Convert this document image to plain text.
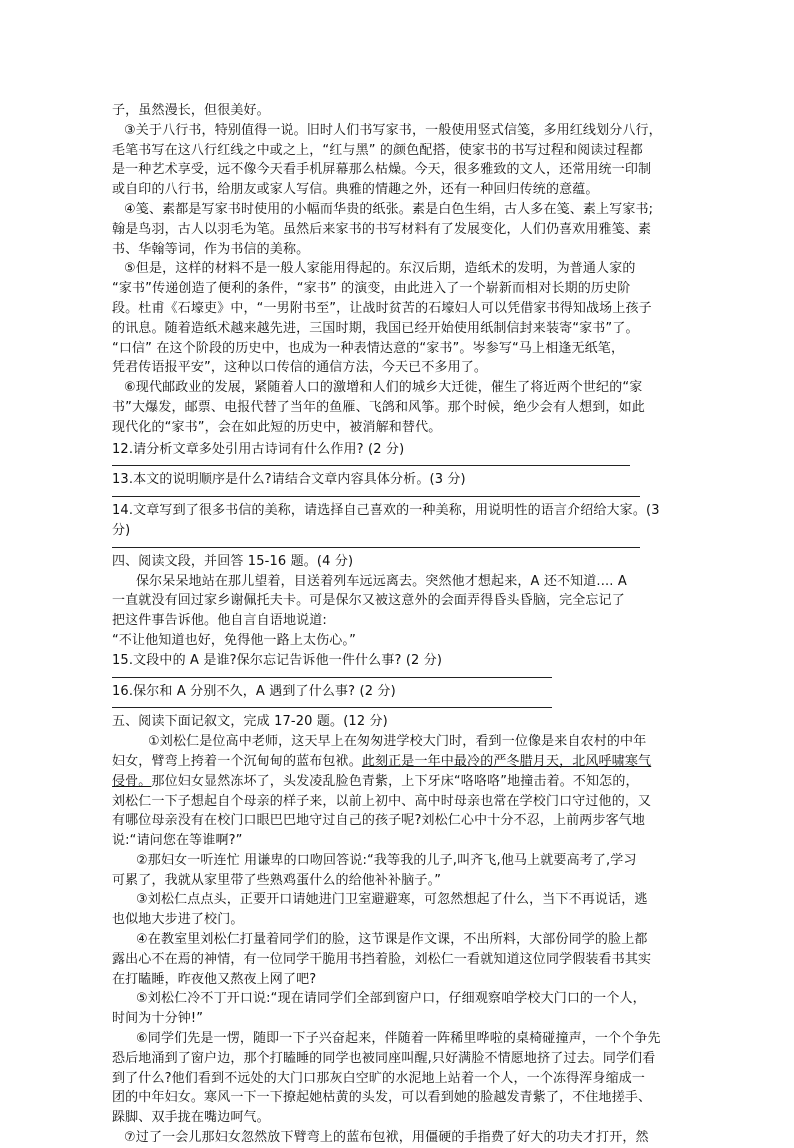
子，虽然漫长，但很美好。
③关于八行书，特别值得一说。旧时人们书写家书，一般使用竖式信笺，多用红线划分八行，
毛笔书写在这八行红线之中或之上，“红与黑” 的颜色配搭，使家书的书写过程和阅读过程都
是一种艺术享受，远不像今天看手机屏幕那么枯燥。今天，很多雅致的文人，还常用统一印制
或自印的八行书，给朋友或家人写信。典雅的情趣之外，还有一种回归传统的意蕴。
④笺、素都是写家书时使用的小幅而华贵的纸张。素是白色生绢，古人多在笺、素上写家书;
翰是鸟羽，古人以羽毛为笔。虽然后来家书的书写材料有了发展变化，人们仍喜欢用雅笺、素
书、华翰等词，作为书信的美称。
⑤但是，这样的材料不是一般人家能用得起的。东汉后期，造纸术的发明，为普通人家的
“家书”传递创造了便利的条件，“家书” 的演变，由此进入了一个崭新而相对长期的历史阶
段。杜甫《石壕吏》中，“一男附书至”，让战时贫苦的石壕妇人可以凭借家书得知战场上孩子
的讯息。随着造纸术越来越先进，三国时期，我国已经开始使用纸制信封来装寄“家书”了。
“口信” 在这个阶段的历史中，也成为一种表情达意的“家书”。岑参写“马上相逢无纸笔，
凭君传语报平安”，这种以口传信的通信方法，今天已不多用了。
⑥现代邮政业的发展，紧随着人口的激增和人们的城乡大迁徙，催生了将近两个世纪的“家
书”大爆发，邮票、电报代替了当年的鱼雁、飞鸽和风筝。那个时候，绝少会有人想到，如此
现代化的“家书”，会在如此短的历史中，被消解和替代。
12.请分析文章多处引用古诗词有什么作用? (2 分)
13.本文的说明顺序是什么?请结合文章内容具体分析。(3 分)
14.文章写到了很多书信的美称，请选择自己喜欢的一种美称，用说明性的语言介绍给大家。(3
分)
四、阅读文段，并回答 15-16 题。(4 分)
保尔呆呆地站在那儿望着，目送着列车远远离去。突然他才想起来，A 还不知道.... A
一直就没有回过家乡谢佩托夫卡。可是保尔又被这意外的会面弄得昏头昏脑，完全忘记了
把这件事告诉他。他自言自语地说道:
“不让他知道也好，免得他一路上太伤心。”
15.文段中的 A 是谁?保尔忘记告诉他一件什么事? (2 分)
16.保尔和 A 分别不久，A 遇到了什么事? (2 分)
五、阅读下面记叙文，完成 17-20 题。(12 分)
①刘松仁是位高中老师，这天早上在匆匆进学校大门时，看到一位像是来自农村的中年
妇女，臂弯上挎着一个沉甸甸的蓝布包袱。此刻正是一年中最冷的严冬腊月天，北风呼啸寒气
侵骨。那位妇女显然冻坏了，头发凌乱脸色青紫，上下牙床“咯咯咯”地撞击着。不知怎的，
刘松仁一下子想起自个母亲的样子来，以前上初中、高中时母亲也常在学校门口守过他的，又
有哪位母亲没有在校门口眼巴巴地守过自己的孩子呢?刘松仁心中十分不忍，上前两步客气地
说:“请问您在等谁啊?”
②那妇女一听连忙 用谦卑的口吻回答说:“我等我的儿子,叫齐飞,他马上就要高考了,学习
可累了，我就从家里带了些熟鸡蛋什么的给他补补脑子。”
③刘松仁点点头，正要开口请她进门卫室避避寒，可忽然想起了什么，当下不再说话，逃
也似地大步进了校门。
④在教室里刘松仁打量着同学们的脸，这节课是作文课，不出所料，大部份同学的脸上都
露出心不在焉的神情，有一位同学干脆用书挡着脸，刘松仁一看就知道这位同学假装看书其实
在打瞌睡，昨夜他又熬夜上网了吧?
⑤刘松仁冷不丁开口说:“现在请同学们全部到窗户口，仔细观察咱学校大门口的一个人，
时间为十分钟!”
⑥同学们先是一愣，随即一下子兴奋起来，伴随着一阵稀里哗啦的桌椅碰撞声，一个个争先
恐后地涌到了窗户边，那个打瞌睡的同学也被同座叫醒,只好满脸不情愿地挤了过去。同学们看
到了什么?他们看到不远处的大门口那灰白空旷的水泥地上站着一个人，一个冻得浑身缩成一
团的中年妇女。寒风一下一下撩起她枯黄的头发，可以看到她的脸越发青紫了，不住地搓手、
跺脚、双手拢在嘴边呵气。
⑦过了一会儿那妇女忽然放下臂弯上的蓝布包袱，用僵硬的手指费了好大的功夫才打开，然
